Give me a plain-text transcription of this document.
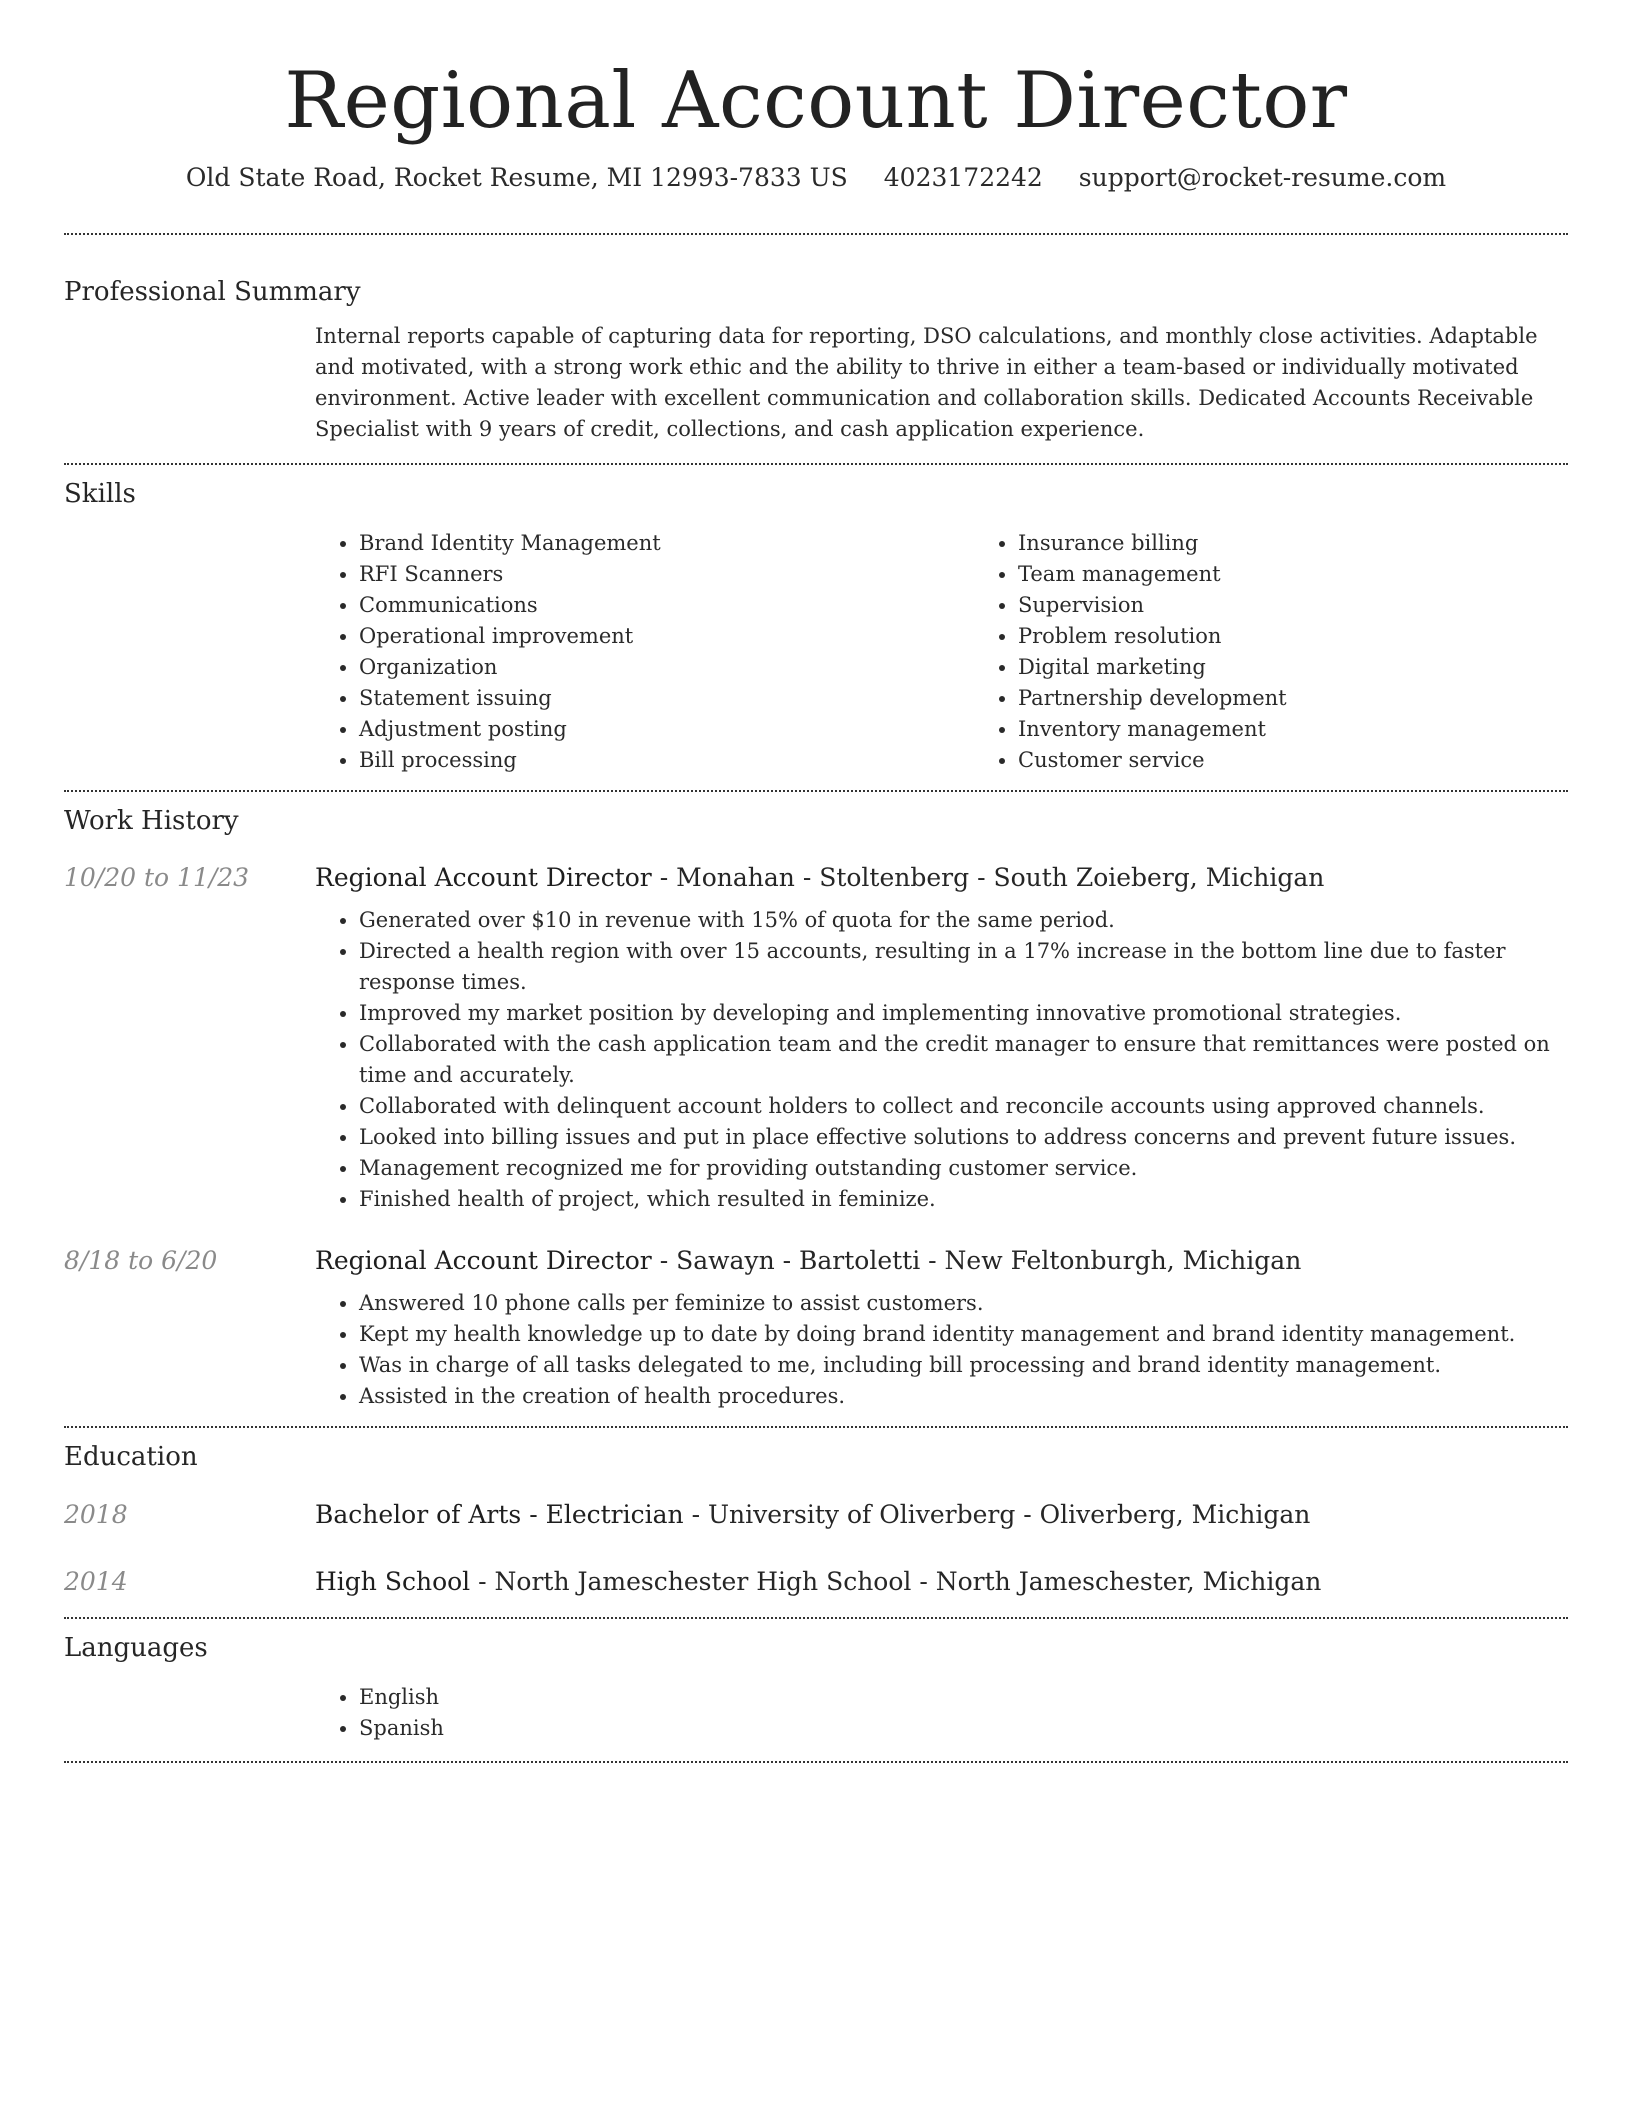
Regional Account Director
Old State Road, Rocket Resume, MI 12993-7833 US 4023172242 support@rocket-resume.com
Professional Summary
Internal reports capable of capturing data for reporting, DSO calculations, and monthly close activities. Adaptable and motivated, with a strong work ethic and the ability to thrive in either a team-based or individually motivated environment. Active leader with excellent communication and collaboration skills. Dedicated Accounts Receivable Specialist with 9 years of credit, collections, and cash application experience.
Skills
• Brand Identity Management
• RFI Scanners
• Communications
• Operational improvement
• Organization
• Statement issuing
• Adjustment posting
• Bill processing
• Insurance billing
• Team management
• Supervision
• Problem resolution
• Digital marketing
• Partnership development
• Inventory management
• Customer service
Work History
10/20 to 11/23	Regional Account Director - Monahan - Stoltenberg - South Zoieberg, Michigan
• Generated over $10 in revenue with 15% of quota for the same period.
• Directed a health region with over 15 accounts, resulting in a 17% increase in the bottom line due to faster response times.
• Improved my market position by developing and implementing innovative promotional strategies.
• Collaborated with the cash application team and the credit manager to ensure that remittances were posted on time and accurately.
• Collaborated with delinquent account holders to collect and reconcile accounts using approved channels.
• Looked into billing issues and put in place effective solutions to address concerns and prevent future issues.
• Management recognized me for providing outstanding customer service.
• Finished health of project, which resulted in feminize.
8/18 to 6/20	Regional Account Director - Sawayn - Bartoletti - New Feltonburgh, Michigan
• Answered 10 phone calls per feminize to assist customers.
• Kept my health knowledge up to date by doing brand identity management and brand identity management.
• Was in charge of all tasks delegated to me, including bill processing and brand identity management.
• Assisted in the creation of health procedures.
Education
2018	Bachelor of Arts - Electrician - University of Oliverberg - Oliverberg, Michigan
2014	High School - North Jameschester High School - North Jameschester, Michigan
Languages
• English
• Spanish
